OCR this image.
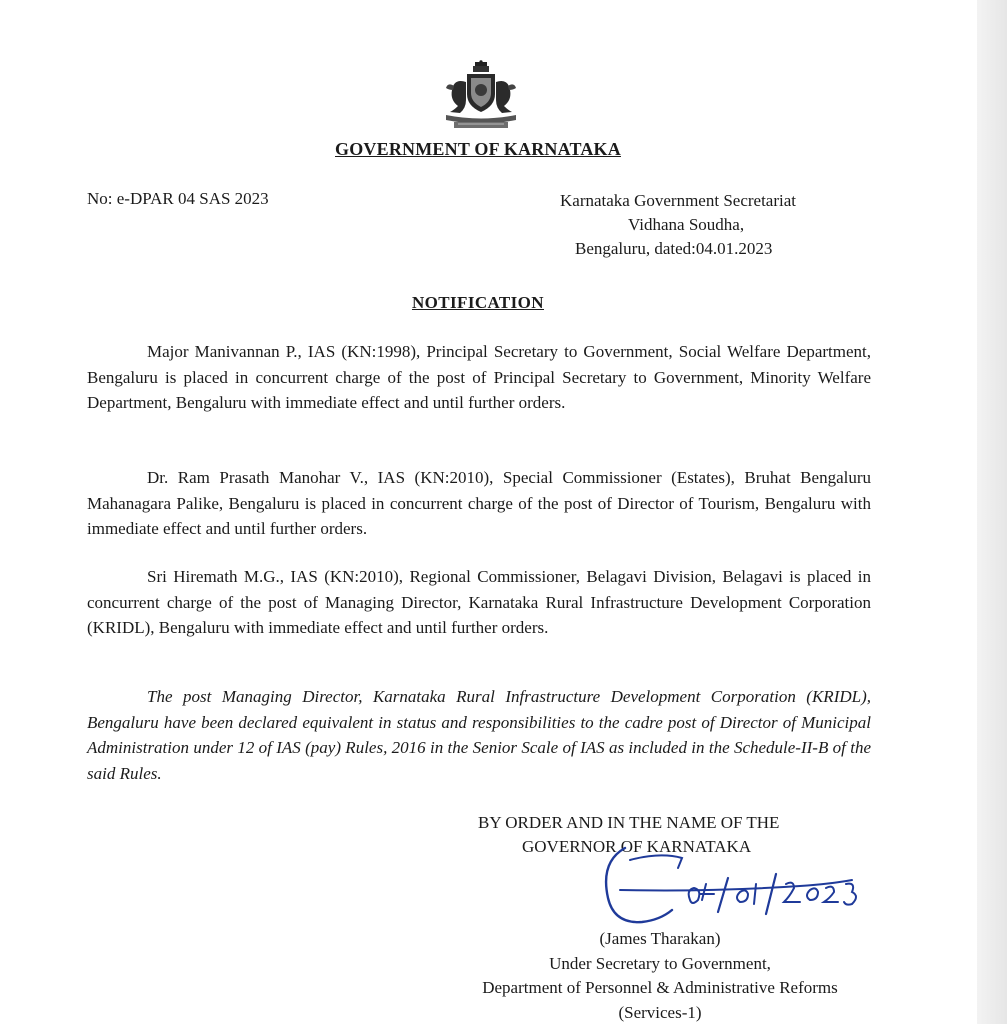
GOVERNMENT OF KARNATAKA
No: e-DPAR 04 SAS 2023	Karnataka Government Secretariat
Vidhana Soudha,
Bengaluru, dated:04.01.2023
NOTIFICATION

Major Manivannan P., IAS (KN:1998), Principal Secretary to Government, Social Welfare Department, Bengaluru is placed in concurrent charge of the post of Principal Secretary to Government, Minority Welfare Department, Bengaluru with immediate effect and until further orders.

Dr. Ram Prasath Manohar V., IAS (KN:2010), Special Commissioner (Estates), Bruhat Bengaluru Mahanagara Palike, Bengaluru is placed in concurrent charge of the post of Director of Tourism, Bengaluru with immediate effect and until further orders.

Sri Hiremath M.G., IAS (KN:2010), Regional Commissioner, Belagavi Division, Belagavi is placed in concurrent charge of the post of Managing Director, Karnataka Rural Infrastructure Development Corporation (KRIDL), Bengaluru with immediate effect and until further orders.

The post Managing Director, Karnataka Rural Infrastructure Development Corporation (KRIDL), Bengaluru have been declared equivalent in status and responsibilities to the cadre post of Director of Municipal Administration under 12 of IAS (pay) Rules, 2016 in the Senior Scale of IAS as included in the Schedule-II-B of the said Rules.

BY ORDER AND IN THE NAME OF THE
GOVERNOR OF KARNATAKA
(James Tharakan)
Under Secretary to Government,
Department of Personnel & Administrative Reforms
(Services-1)
